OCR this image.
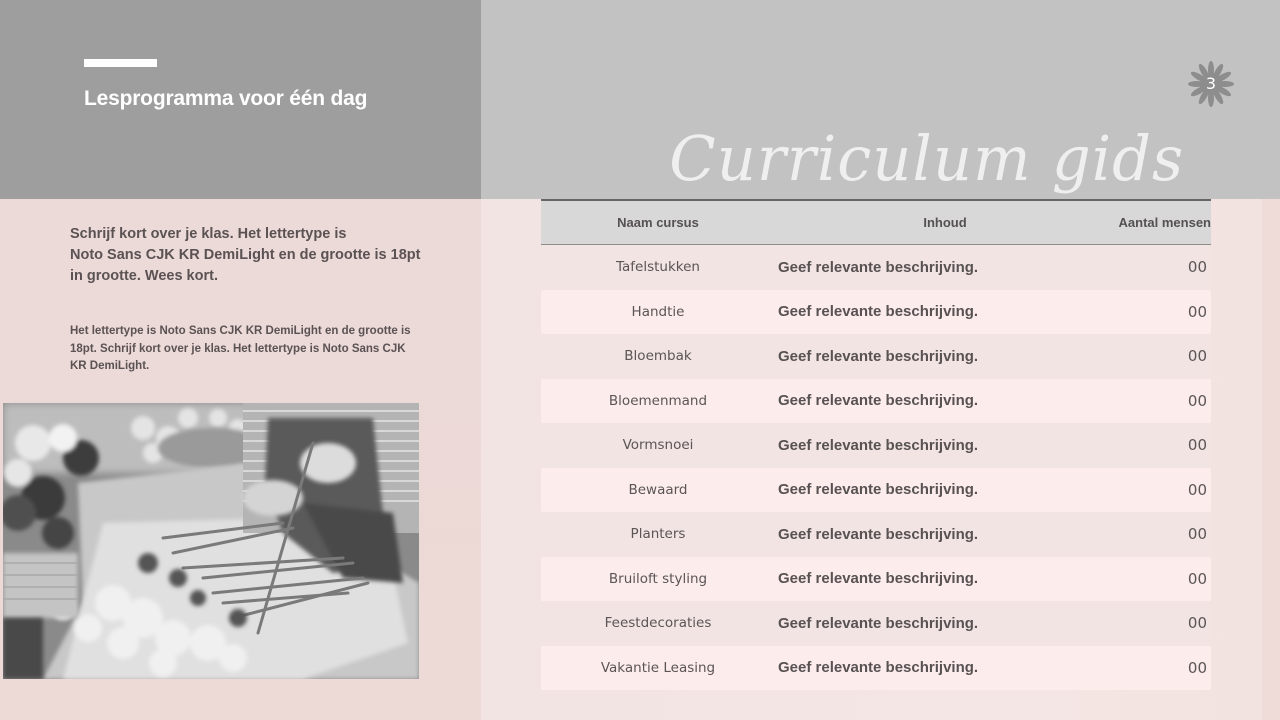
Lesprogramma voor één dag
3
Curriculum gids
Schrijf kort over je klas. Het lettertype is
Noto Sans CJK KR DemiLight en de grootte is 18pt
in grootte. Wees kort.
Het lettertype is Noto Sans CJK KR DemiLight en de grootte is
18pt. Schrijf kort over je klas. Het lettertype is Noto Sans CJK
KR DemiLight.
Naam cursus	Inhoud	Aantal mensen
Tafelstukken	Geef relevante beschrijving.	00
Handtie	Geef relevante beschrijving.	00
Bloembak	Geef relevante beschrijving.	00
Bloemenmand	Geef relevante beschrijving.	00
Vormsnoei	Geef relevante beschrijving.	00
Bewaard	Geef relevante beschrijving.	00
Planters	Geef relevante beschrijving.	00
Bruiloft styling	Geef relevante beschrijving.	00
Feestdecoraties	Geef relevante beschrijving.	00
Vakantie Leasing	Geef relevante beschrijving.	00
